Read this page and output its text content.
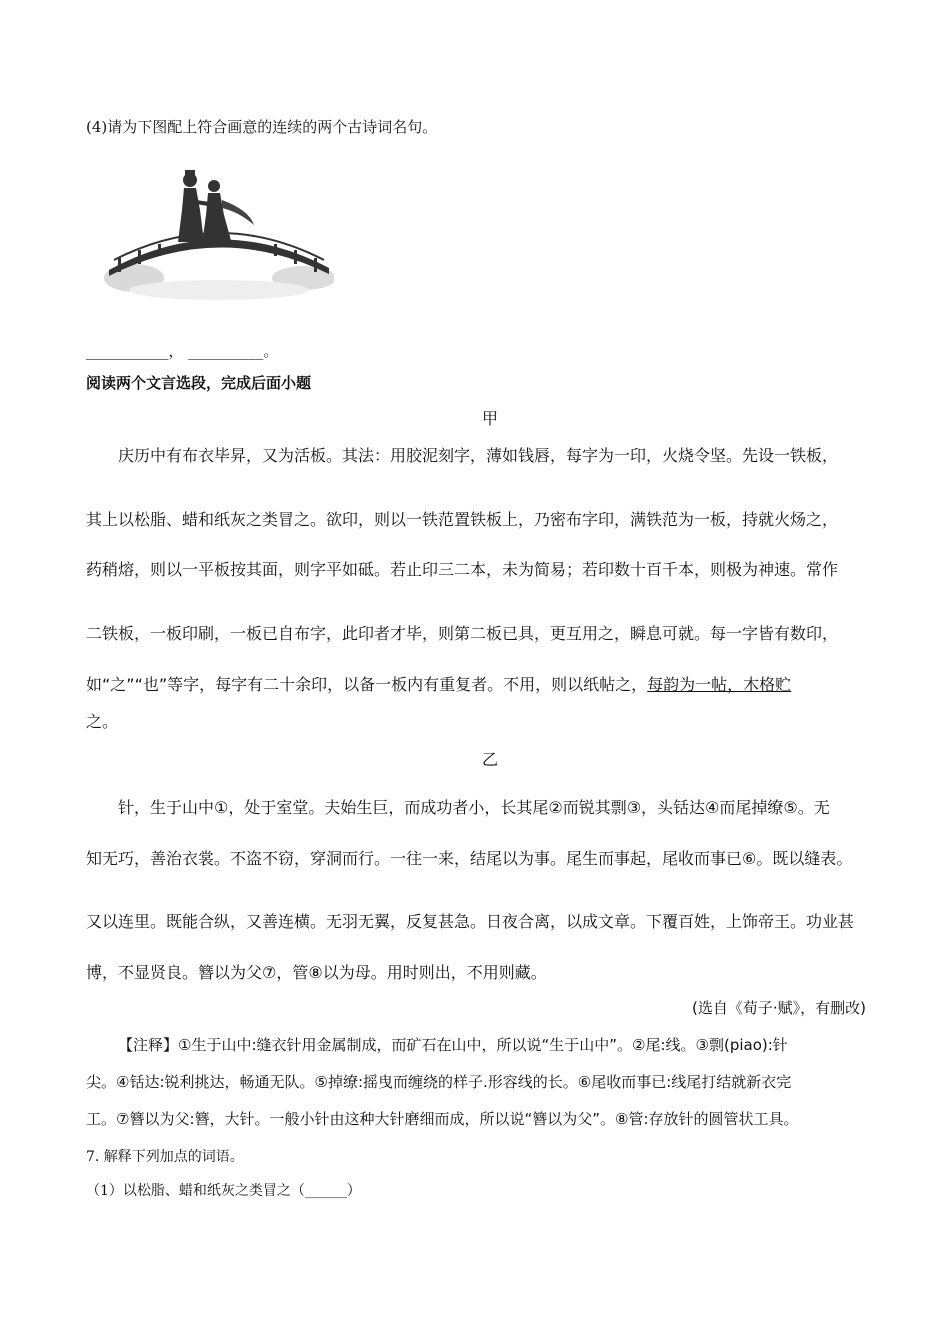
(4)请为下图配上符合画意的连续的两个古诗词名句。
___________， __________。
阅读两个文言选段，完成后面小题
甲
庆历中有布衣毕昇，又为活板。其法：用胶泥刻字，薄如钱唇，每字为一印，火烧令坚。先设一铁板，
其上以松脂、蜡和纸灰之类冒之。欲印，则以一铁范置铁板上，乃密布字印，满铁范为一板，持就火炀之，
药稍熔，则以一平板按其面，则字平如砥。若止印三二本，未为简易；若印数十百千本，则极为神速。常作
二铁板，一板印刷，一板已自布字，此印者才毕，则第二板已具，更互用之，瞬息可就。每一字皆有数印，
如“之”“也”等字，每字有二十余印，以备一板内有重复者。不用，则以纸帖之，每韵为一帖，木格贮
之。
乙
针，生于山中①，处于室堂。夫始生巨，而成功者小，长其尾②而锐其剽③，头铦达④而尾掉缭⑤。无
知无巧，善治衣裳。不盗不窃，穿洞而行。一往一来，结尾以为事。尾生而事起，尾收而事已⑥。既以缝表。
又以连里。既能合纵，又善连横。无羽无翼，反复甚急。日夜合离，以成文章。下覆百姓，上饰帝王。功业甚
博，不显贤良。簪以为父⑦，管⑧以为母。用时则出，不用则藏。
(选自《荀子·赋》，有删改)
【注释】①生于山中:缝衣针用金属制成，而矿石在山中，所以说“生于山中”。②尾:线。③剽(piao):针
尖。④铦达:锐利挑达，畅通无队。⑤掉缭:摇曳而缠绕的样子.形容线的长。⑥尾收而事已:线尾打结就新衣完
工。⑦簪以为父:簪，大针。一般小针由这种大针磨细而成，所以说“簪以为父”。⑧管:存放针的圆管状工具。
7. 解释下列加点的词语。
（1）以松脂、蜡和纸灰之类冒之（______）
